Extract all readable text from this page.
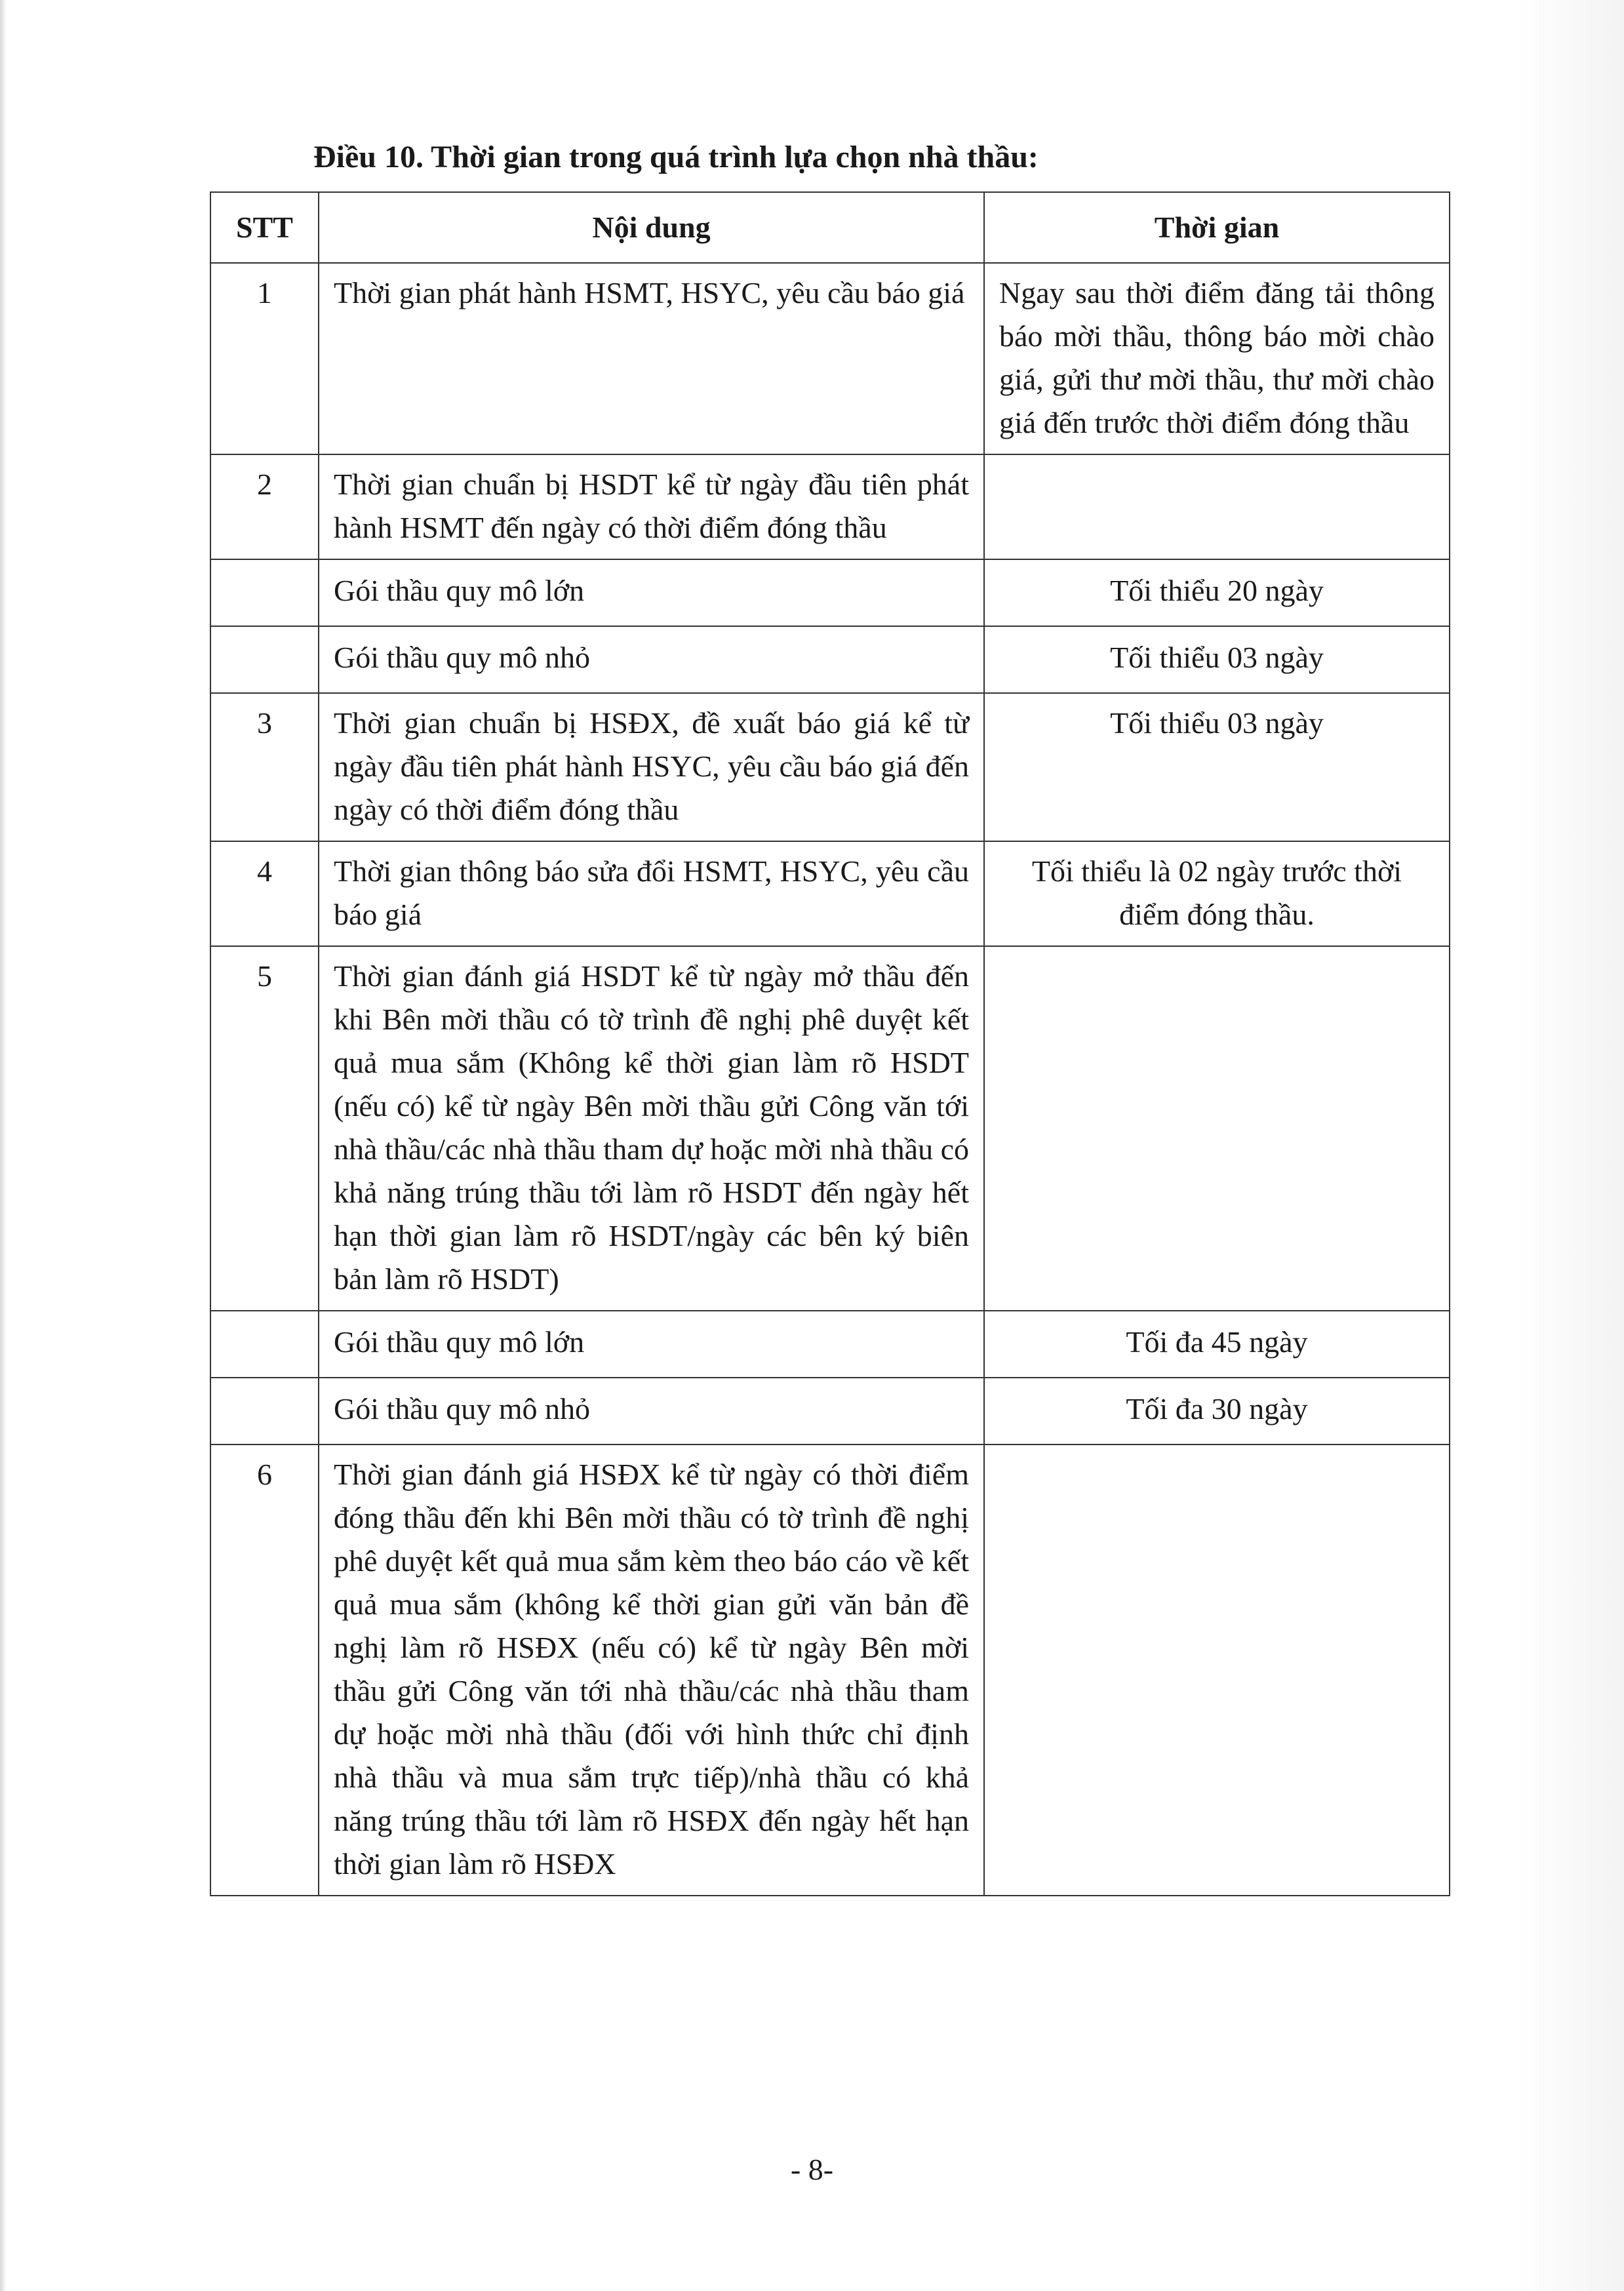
Điều 10. Thời gian trong quá trình lựa chọn nhà thầu:
STT	Nội dung	Thời gian
1	Thời gian phát hành HSMT, HSYC, yêu cầu báo giá	Ngay sau thời điểm đăng tải thông báo mời thầu, thông báo mời chào giá, gửi thư mời thầu, thư mời chào giá đến trước thời điểm đóng thầu
2	Thời gian chuẩn bị HSDT kể từ ngày đầu tiên phát hành HSMT đến ngày có thời điểm đóng thầu	
	Gói thầu quy mô lớn	Tối thiểu 20 ngày
	Gói thầu quy mô nhỏ	Tối thiểu 03 ngày
3	Thời gian chuẩn bị HSĐX, đề xuất báo giá kể từ ngày đầu tiên phát hành HSYC, yêu cầu báo giá đến ngày có thời điểm đóng thầu	Tối thiểu 03 ngày
4	Thời gian thông báo sửa đổi HSMT, HSYC, yêu cầu báo giá	Tối thiểu là 02 ngày trước thời điểm đóng thầu.
5	Thời gian đánh giá HSDT kể từ ngày mở thầu đến khi Bên mời thầu có tờ trình đề nghị phê duyệt kết quả mua sắm (Không kể thời gian làm rõ HSDT (nếu có) kể từ ngày Bên mời thầu gửi Công văn tới nhà thầu/các nhà thầu tham dự hoặc mời nhà thầu có khả năng trúng thầu tới làm rõ HSDT đến ngày hết hạn thời gian làm rõ HSDT/ngày các bên ký biên bản làm rõ HSDT)	
	Gói thầu quy mô lớn	Tối đa 45 ngày
	Gói thầu quy mô nhỏ	Tối đa 30 ngày
6	Thời gian đánh giá HSĐX kể từ ngày có thời điểm đóng thầu đến khi Bên mời thầu có tờ trình đề nghị phê duyệt kết quả mua sắm kèm theo báo cáo về kết quả mua sắm (không kể thời gian gửi văn bản đề nghị làm rõ HSĐX (nếu có) kể từ ngày Bên mời thầu gửi Công văn tới nhà thầu/các nhà thầu tham dự hoặc mời nhà thầu (đối với hình thức chỉ định nhà thầu và mua sắm trực tiếp)/nhà thầu có khả năng trúng thầu tới làm rõ HSĐX đến ngày hết hạn thời gian làm rõ HSĐX	
- 8-
